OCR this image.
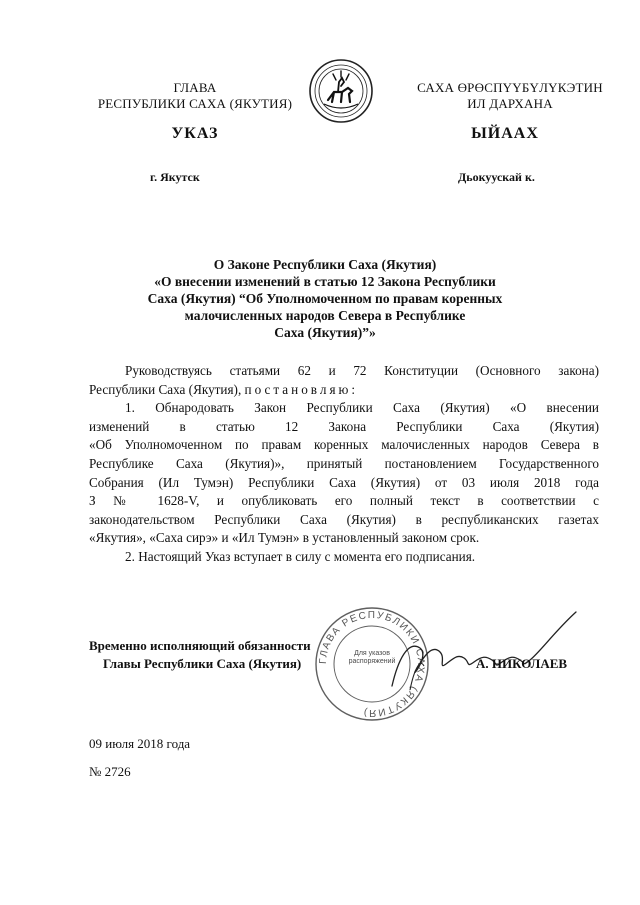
ГЛАВА
РЕСПУБЛИКИ САХА (ЯКУТИЯ)
САХА ӨРӨСПҮҮБҮЛҮКЭТИН
ИЛ ДАРХАНА
УКАЗ	ЫЙААХ
г. Якутск	Дьокуускай к.
О Законе Республики Саха (Якутия)
«О внесении изменений в статью 12 Закона Республики
Саха (Якутия) “Об Уполномоченном по правам коренных
малочисленных народов Севера в Республике
Саха (Якутия)”»
Руководствуясь статьями 62 и 72 Конституции (Основного закона)
Республики Саха (Якутия), постановляю:
1. Обнародовать Закон Республики Саха (Якутия) «О внесении
изменений в статью 12 Закона Республики Саха (Якутия)
«Об Уполномоченном по правам коренных малочисленных народов Севера в
Республике Саха (Якутия)», принятый постановлением Государственного
Собрания (Ил Тумэн) Республики Саха (Якутия) от 03 июля 2018 года
З № 1628-V, и опубликовать его полный текст в соответствии с
законодательством Республики Саха (Якутия) в республиканских газетах
«Якутия», «Саха сирэ» и «Ил Тумэн» в установленный законом срок.
2. Настоящий Указ вступает в силу с момента его подписания.
Временно исполняющий обязанности
Главы Республики Саха (Якутия)	ГЛАВА РЕСПУБЛИКИ САХА (ЯКУТИЯ)
Для указов распоряжений	А. НИКОЛАЕВ
09 июля 2018 года
№ 2726
